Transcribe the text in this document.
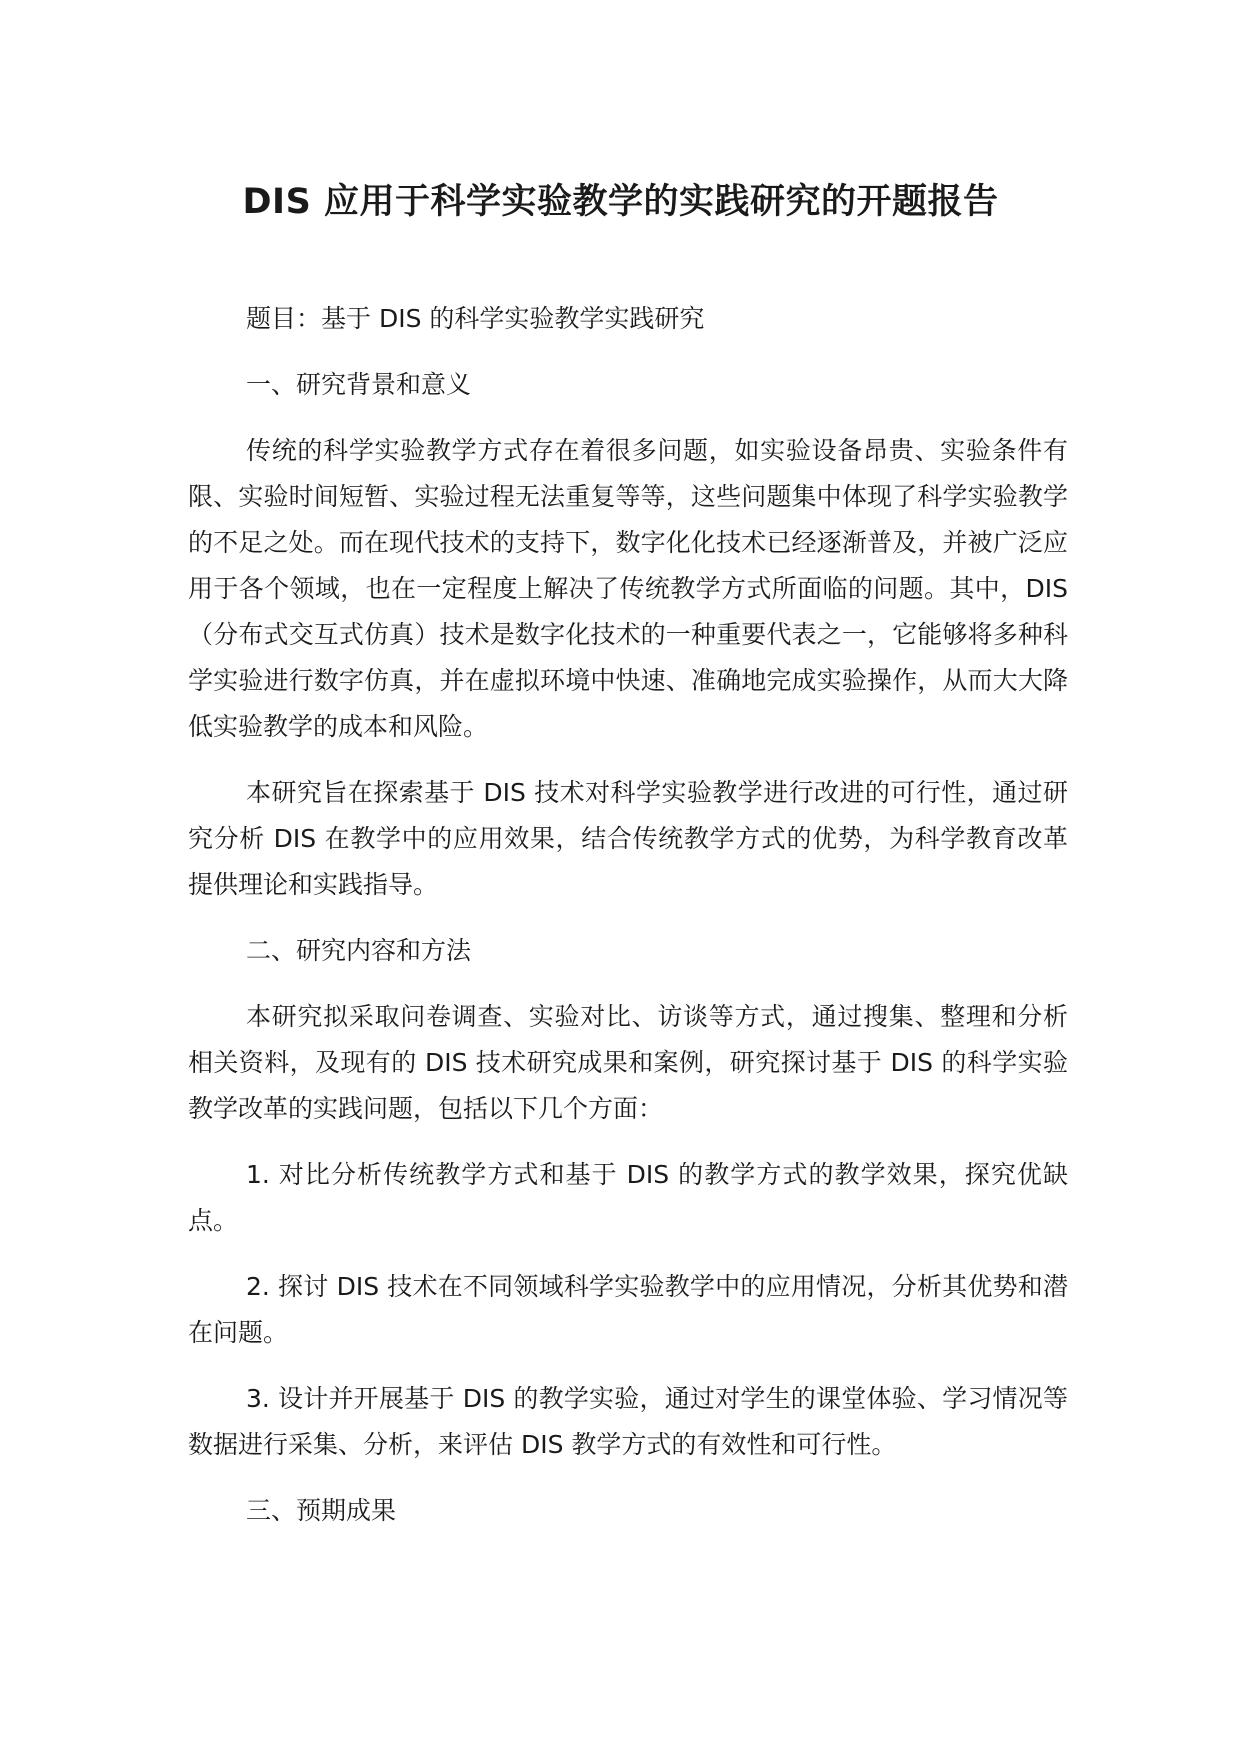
DIS 应用于科学实验教学的实践研究的开题报告

题目：基于 DIS 的科学实验教学实践研究

一、研究背景和意义

传统的科学实验教学方式存在着很多问题，如实验设备昂贵、实验条件有限、实验时间短暂、实验过程无法重复等等，这些问题集中体现了科学实验教学的不足之处。而在现代技术的支持下，数字化化技术已经逐渐普及，并被广泛应用于各个领域，也在一定程度上解决了传统教学方式所面临的问题。其中，DIS（分布式交互式仿真）技术是数字化技术的一种重要代表之一，它能够将多种科学实验进行数字仿真，并在虚拟环境中快速、准确地完成实验操作，从而大大降低实验教学的成本和风险。

本研究旨在探索基于 DIS 技术对科学实验教学进行改进的可行性，通过研究分析 DIS 在教学中的应用效果，结合传统教学方式的优势，为科学教育改革提供理论和实践指导。

二、研究内容和方法

本研究拟采取问卷调查、实验对比、访谈等方式，通过搜集、整理和分析相关资料，及现有的 DIS 技术研究成果和案例，研究探讨基于 DIS 的科学实验教学改革的实践问题，包括以下几个方面：

1. 对比分析传统教学方式和基于 DIS 的教学方式的教学效果，探究优缺点。

2. 探讨 DIS 技术在不同领域科学实验教学中的应用情况，分析其优势和潜在问题。

3. 设计并开展基于 DIS 的教学实验，通过对学生的课堂体验、学习情况等数据进行采集、分析，来评估 DIS 教学方式的有效性和可行性。

三、预期成果
